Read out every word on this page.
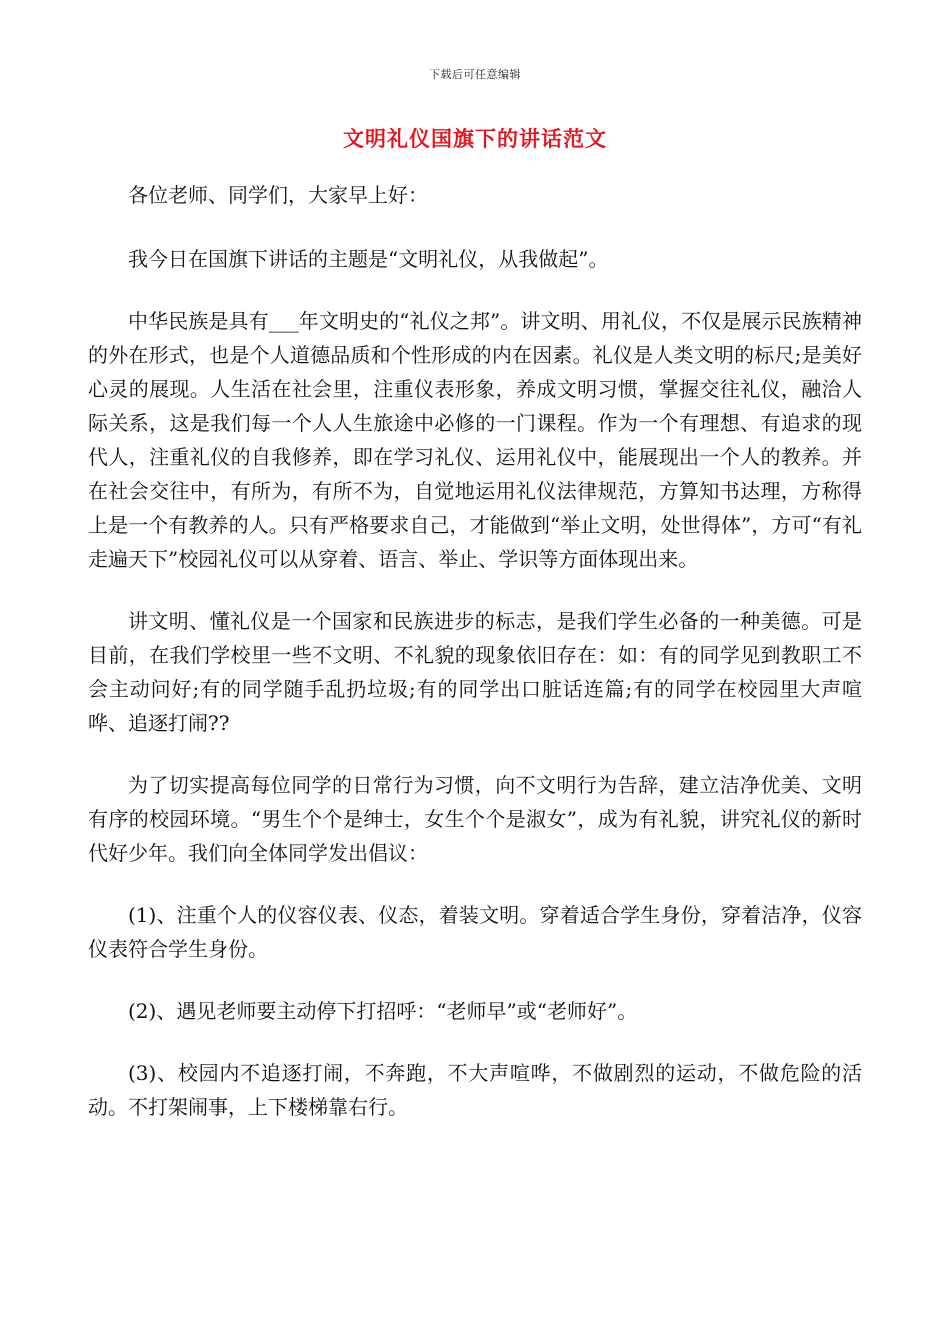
下载后可任意编辑
文明礼仪国旗下的讲话范文

各位老师、同学们，大家早上好：

我今日在国旗下讲话的主题是“文明礼仪，从我做起”。

中华民族是具有___年文明史的“礼仪之邦”。讲文明、用礼仪，不仅是展示民族精神的外在形式，也是个人道德品质和个性形成的内在因素。礼仪是人类文明的标尺;是美好心灵的展现。人生活在社会里，注重仪表形象，养成文明习惯，掌握交往礼仪，融洽人际关系，这是我们每一个人人生旅途中必修的一门课程。作为一个有理想、有追求的现代人，注重礼仪的自我修养，即在学习礼仪、运用礼仪中，能展现出一个人的教养。并在社会交往中，有所为，有所不为，自觉地运用礼仪法律规范，方算知书达理，方称得上是一个有教养的人。只有严格要求自己，才能做到“举止文明，处世得体”，方可“有礼走遍天下”校园礼仪可以从穿着、语言、举止、学识等方面体现出来。

讲文明、懂礼仪是一个国家和民族进步的标志，是我们学生必备的一种美德。可是目前，在我们学校里一些不文明、不礼貌的现象依旧存在：如：有的同学见到教职工不会主动问好;有的同学随手乱扔垃圾;有的同学出口脏话连篇;有的同学在校园里大声喧哗、追逐打闹??

为了切实提高每位同学的日常行为习惯，向不文明行为告辞，建立洁净优美、文明有序的校园环境。“男生个个是绅士，女生个个是淑女”，成为有礼貌，讲究礼仪的新时代好少年。我们向全体同学发出倡议：

(1)、注重个人的仪容仪表、仪态，着装文明。穿着适合学生身份，穿着洁净，仪容仪表符合学生身份。

(2)、遇见老师要主动停下打招呼：“老师早”或“老师好”。

(3)、校园内不追逐打闹，不奔跑，不大声喧哗，不做剧烈的运动，不做危险的活动。不打架闹事，上下楼梯靠右行。
